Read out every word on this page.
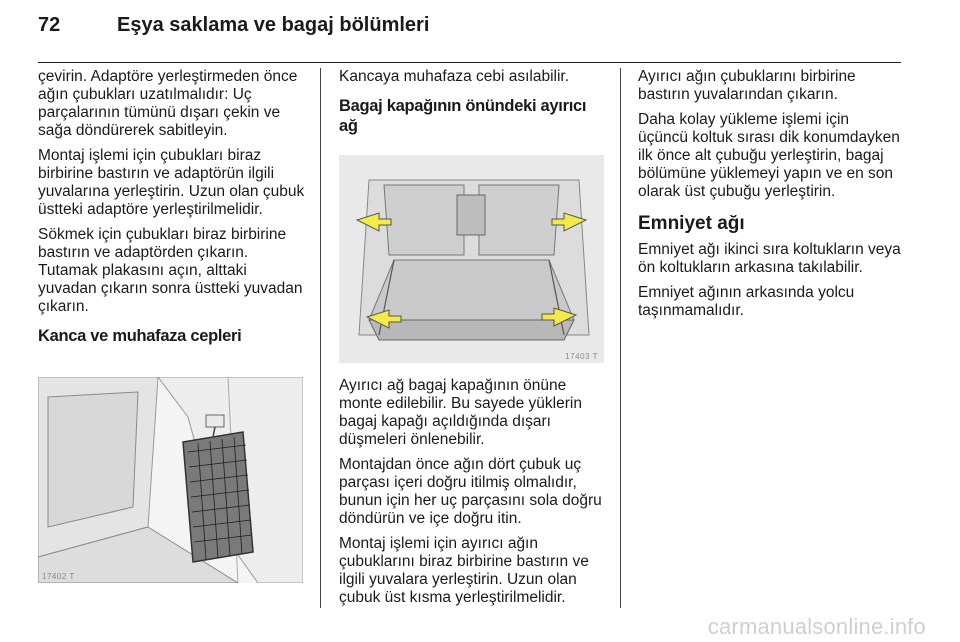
72	Eşya saklama ve bagaj bölümleri

çevirin. Adaptöre yerleştirmeden önce ağın çubukları uzatılmalıdır: Uç parçalarının tümünü dışarı çekin ve sağa döndürerek sabitleyin.

Montaj işlemi için çubukları biraz birbirine bastırın ve adaptörün ilgili yuvalarına yerleştirin. Uzun olan çubuk üstteki adaptöre yerleştirilmelidir.

Sökmek için çubukları biraz birbirine bastırın ve adaptörden çıkarın. Tutamak plakasını açın, alttaki yuvadan çıkarın sonra üstteki yuvadan çıkarın.

Kanca ve muhafaza cepleri
17402 T

Kancaya muhafaza cebi asılabilir.

Bagaj kapağının önündeki ayırıcı ağ
17403 T

Ayırıcı ağ bagaj kapağının önüne monte edilebilir. Bu sayede yüklerin bagaj kapağı açıldığında dışarı düşmeleri önlenebilir.

Montajdan önce ağın dört çubuk uç parçası içeri doğru itilmiş olmalıdır, bunun için her uç parçasını sola doğru döndürün ve içe doğru itin.

Montaj işlemi için ayırıcı ağın çubuklarını biraz birbirine bastırın ve ilgili yuvalara yerleştirin. Uzun olan çubuk üst kısma yerleştirilmelidir.

Ayırıcı ağın çubuklarını birbirine bastırın yuvalarından çıkarın.

Daha kolay yükleme işlemi için üçüncü koltuk sırası dik konumdayken ilk önce alt çubuğu yerleştirin, bagaj bölümüne yüklemeyi yapın ve en son olarak üst çubuğu yerleştirin.

Emniyet ağı

Emniyet ağı ikinci sıra koltukların veya ön koltukların arkasına takılabilir.

Emniyet ağının arkasında yolcu taşınmamalıdır.

carmanualsonline.info
